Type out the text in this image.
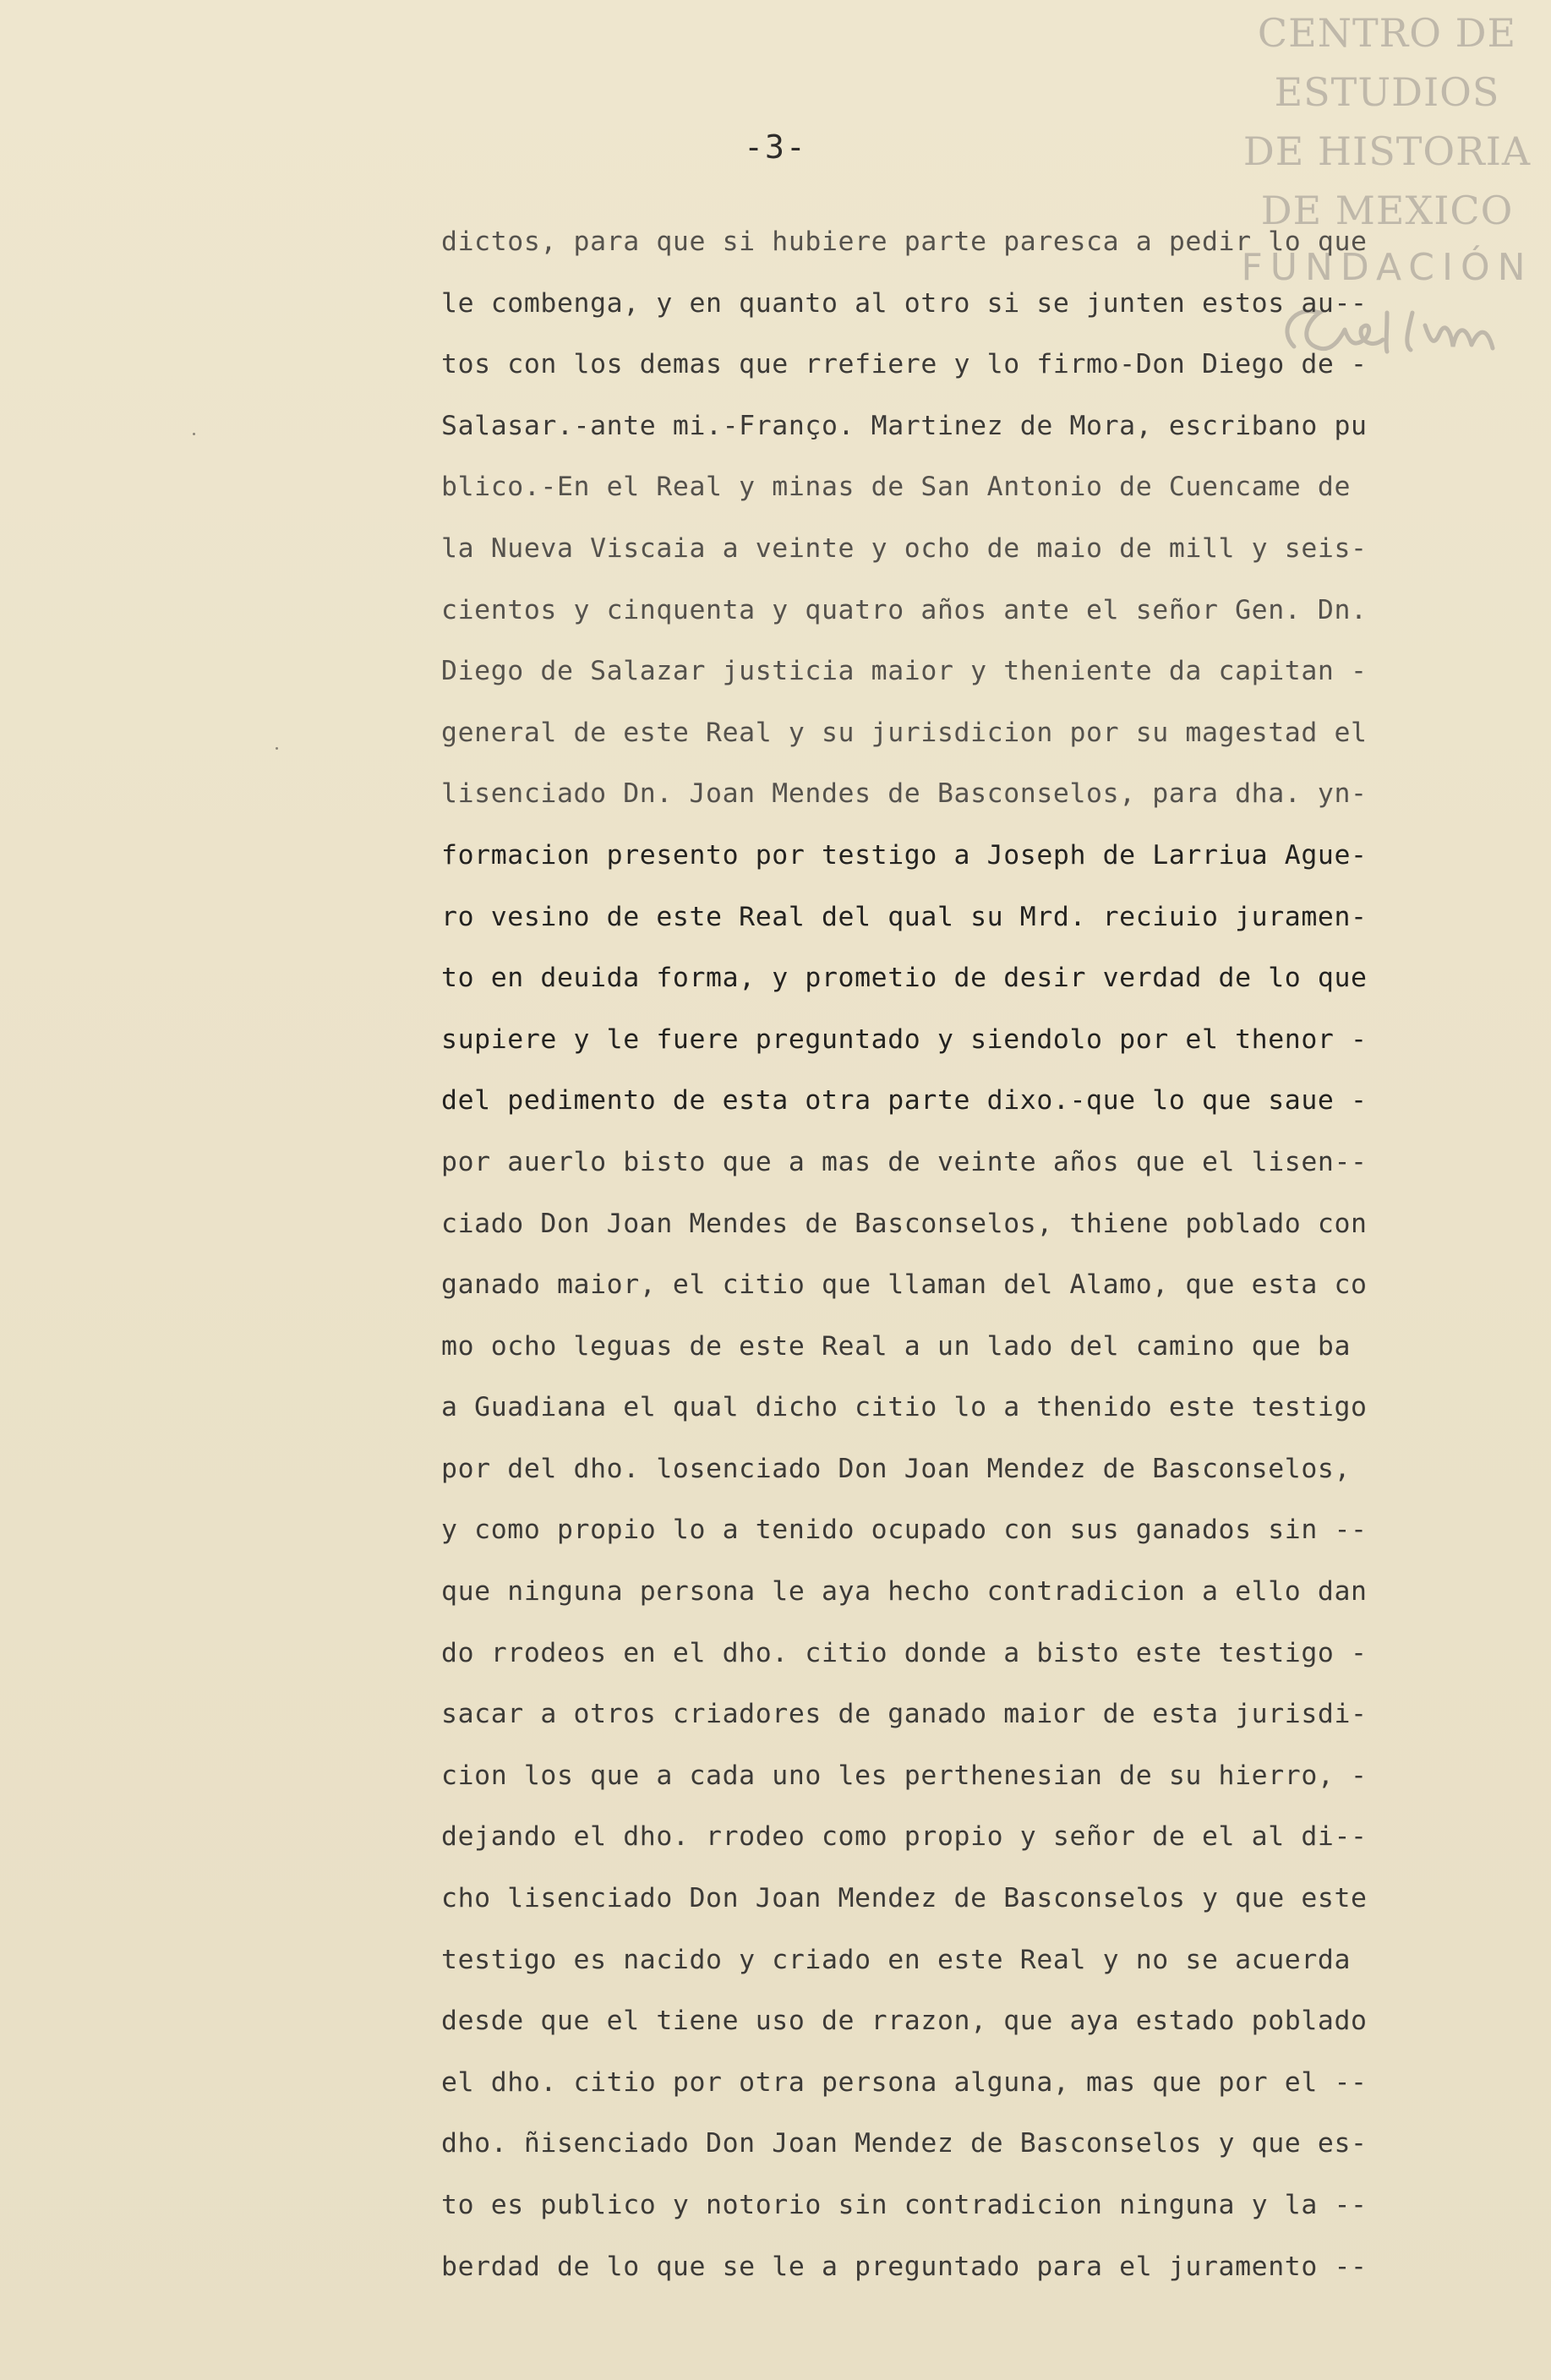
CENTRO DE
ESTUDIOS
DE HISTORIA
DE MEXICO
FUNDACIÓN
-3-
dictos, para que si hubiere parte paresca a pedir lo que
le combenga, y en quanto al otro si se junten estos au--
tos con los demas que rrefiere y lo firmo-Don Diego de -
Salasar.-ante mi.-Franço. Martinez de Mora, escribano pu
blico.-En el Real y minas de San Antonio de Cuencame de
la Nueva Viscaia a veinte y ocho de maio de mill y seis-
cientos y cinquenta y quatro años ante el señor Gen. Dn.
Diego de Salazar justicia maior y theniente da capitan -
general de este Real y su jurisdicion por su magestad el
lisenciado Dn. Joan Mendes de Basconselos, para dha. yn-
formacion presento por testigo a Joseph de Larriua Ague-
ro vesino de este Real del qual su Mrd. reciuio juramen-
to en deuida forma, y prometio de desir verdad de lo que
supiere y le fuere preguntado y siendolo por el thenor -
del pedimento de esta otra parte dixo.-que lo que saue -
por auerlo bisto que a mas de veinte años que el lisen--
ciado Don Joan Mendes de Basconselos, thiene poblado con
ganado maior, el citio que llaman del Alamo, que esta co
mo ocho leguas de este Real a un lado del camino que ba
a Guadiana el qual dicho citio lo a thenido este testigo
por del dho. losenciado Don Joan Mendez de Basconselos,
y como propio lo a tenido ocupado con sus ganados sin --
que ninguna persona le aya hecho contradicion a ello dan
do rrodeos en el dho. citio donde a bisto este testigo -
sacar a otros criadores de ganado maior de esta jurisdi-
cion los que a cada uno les perthenesian de su hierro, -
dejando el dho. rrodeo como propio y señor de el al di--
cho lisenciado Don Joan Mendez de Basconselos y que este
testigo es nacido y criado en este Real y no se acuerda
desde que el tiene uso de rrazon, que aya estado poblado
el dho. citio por otra persona alguna, mas que por el --
dho. ñisenciado Don Joan Mendez de Basconselos y que es-
to es publico y notorio sin contradicion ninguna y la --
berdad de lo que se le a preguntado para el juramento --
